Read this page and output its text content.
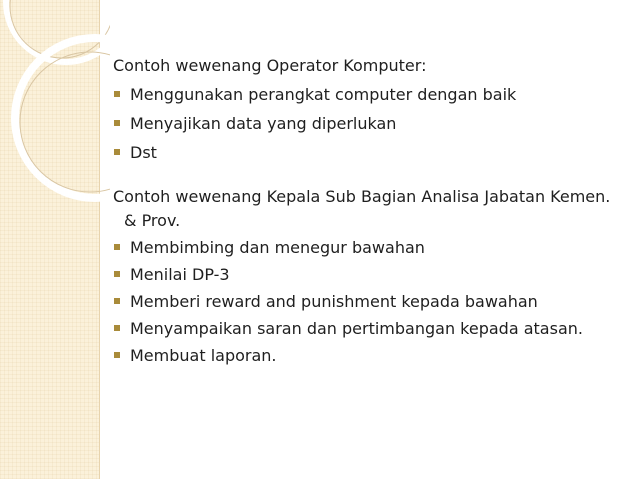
Contoh wewenang Operator Komputer:

Menggunakan perangkat computer dengan baik
Menyajikan data yang diperlukan
Dst

Contoh wewenang Kepala Sub Bagian Analisa Jabatan Kemen. & Prov.

Membimbing dan menegur bawahan
Menilai DP-3
Memberi reward and punishment kepada bawahan
Menyampaikan saran dan pertimbangan kepada atasan.
Membuat laporan.
